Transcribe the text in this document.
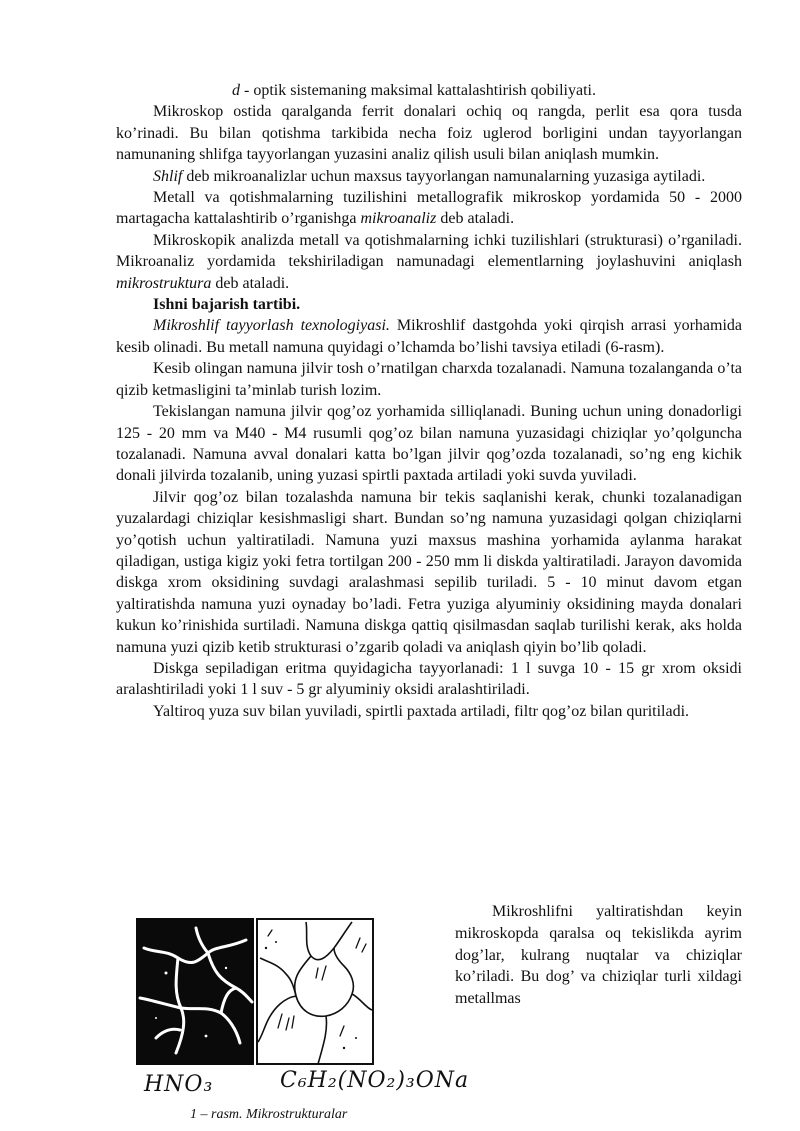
d - optik sistemaning maksimal kattalashtirish qobiliyati.

Mikroskop ostida qaralganda ferrit donalari ochiq oq rangda, perlit esa qora tusda ko’rinadi. Bu bilan qotishma tarkibida necha foiz uglerod borligini undan tayyorlangan namunaning shlifga tayyorlangan yuzasini analiz qilish usuli bilan aniqlash mumkin.

Shlif deb mikroanalizlar uchun maxsus tayyorlangan namunalarning yuzasiga aytiladi.

Metall va qotishmalarning tuzilishini metallografik mikroskop yordamida 50 - 2000 martagacha kattalashtirib o’rganishga mikroanaliz deb ataladi.

Mikroskopik analizda metall va qotishmalarning ichki tuzilishlari (strukturasi) o’rganiladi. Mikroanaliz yordamida tekshiriladigan namunadagi elementlarning joylashuvini aniqlash mikrostruktura deb ataladi.

Ishni bajarish tartibi.

Mikroshlif tayyorlash texnologiyasi. Mikroshlif dastgohda yoki qirqish arrasi yorhamida kesib olinadi. Bu metall namuna quyidagi o’lchamda bo’lishi tavsiya etiladi (6-rasm).

Kesib olingan namuna jilvir tosh o’rnatilgan charxda tozalanadi. Namuna tozalanganda o’ta qizib ketmasligini ta’minlab turish lozim.

Tekislangan namuna jilvir qog’oz yorhamida silliqlanadi. Buning uchun uning donadorligi 125 - 20 mm va M40 - M4 rusumli qog’oz bilan namuna yuzasidagi chiziqlar yo’qolguncha tozalanadi. Namuna avval donalari katta bo’lgan jilvir qog’ozda tozalanadi, so’ng eng kichik donali jilvirda tozalanib, uning yuzasi spirtli paxtada artiladi yoki suvda yuviladi.

Jilvir qog’oz bilan tozalashda namuna bir tekis saqlanishi kerak, chunki tozalanadigan yuzalardagi chiziqlar kesishmasligi shart. Bundan so’ng namuna yuzasidagi qolgan chiziqlarni yo’qotish uchun yaltiratiladi. Namuna yuzi maxsus mashina yorhamida aylanma harakat qiladigan, ustiga kigiz yoki fetra tortilgan 200 - 250 mm li diskda yaltiratiladi. Jarayon davomida diskga xrom oksidining suvdagi aralashmasi sepilib turiladi. 5 - 10 minut davom etgan yaltiratishda namuna yuzi oynaday bo’ladi. Fetra yuziga alyuminiy oksidining mayda donalari kukun ko’rinishida surtiladi. Namuna diskga qattiq qisilmasdan saqlab turilishi kerak, aks holda namuna yuzi qizib ketib strukturasi o’zgarib qoladi va aniqlash qiyin bo’lib qoladi.

Diskga sepiladigan eritma quyidagicha tayyorlanadi: 1 l suvga 10 - 15 gr xrom oksidi aralashtiriladi yoki 1 l suv - 5 gr alyuminiy oksidi aralashtiriladi.

Yaltiroq yuza suv bilan yuviladi, spirtli paxtada artiladi, filtr qog’oz bilan quritiladi.

HNO₃	C₆H₂(NO₂)₃ONa
1 – rasm. Mikrostrukturalar

Mikroshlifni yaltiratishdan keyin mikroskopda qaralsa oq tekislikda ayrim dog’lar, kulrang nuqtalar va chiziqlar ko’riladi. Bu dog’ va chiziqlar turli xildagi metallmas
